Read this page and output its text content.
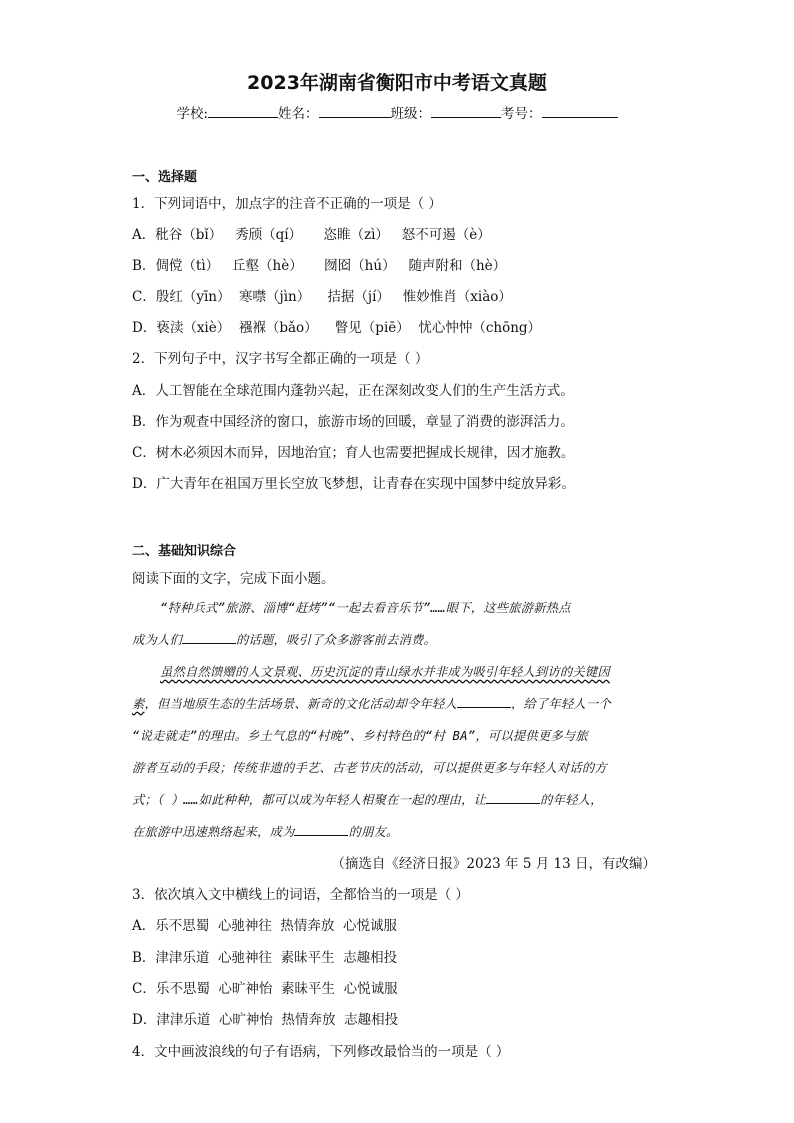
2023年湖南省衡阳市中考语文真题
学校:	姓名：	班级：	考号：
一、选择题
1．下列词语中，加点字的注音不正确的一项是（ ）
A．秕谷（bǐ）   秀颀（qí）     恣睢（zì）   怒不可遏（è）
B．倜傥（tì）   丘壑（hè）     囫囵（hú）   随声附和（hè）
C．殷红（yīn）  寒噤（jìn）    拮据（jí）   惟妙惟肖（xiào）
D．亵渎（xiè）  襁褓（bǎo）    瞥见（piē）  忧心忡忡（chōng）
2．下列句子中，汉字书写全都正确的一项是（ ）
A．人工智能在全球范围内蓬勃兴起，正在深刻改变人们的生产生活方式。
B．作为观查中国经济的窗口，旅游市场的回暖，章显了消费的澎湃活力。
C．树木必须因木而异，因地治宜；育人也需要把握成长规律，因才施教。
D．广大青年在祖国万里长空放飞梦想，让青春在实现中国梦中绽放异彩。
二、基础知识综合
阅读下面的文字，完成下面小题。
“特种兵式”旅游、淄博“赶烤”“一起去看音乐节”……眼下，这些旅游新热点
成为人们	的话题，吸引了众多游客前去消费。
虽然自然馈赠的人文景观、历史沉淀的青山绿水并非成为吸引年轻人到访的关键因
素，但当地原生态的生活场景、新奇的文化活动却令年轻人	，给了年轻人一个
“说走就走”的理由。乡土气息的“村晚”、乡村特色的“村 BA”，可以提供更多与旅
游者互动的手段；传统非遗的手艺、古老节庆的活动，可以提供更多与年轻人对话的方
式；（ ）……如此种种，都可以成为年轻人相聚在一起的理由，让	的年轻人，
在旅游中迅速熟络起来，成为	的朋友。
（摘选自《经济日报》2023 年 5 月 13 日，有改编）
3．依次填入文中横线上的词语，全都恰当的一项是（ ）
A．乐不思蜀  心驰神往  热情奔放  心悦诚服
B．津津乐道  心驰神往  素昧平生  志趣相投
C．乐不思蜀  心旷神怡  素昧平生  心悦诚服
D．津津乐道  心旷神怡  热情奔放  志趣相投
4．文中画波浪线的句子有语病，下列修改最恰当的一项是（ ）
